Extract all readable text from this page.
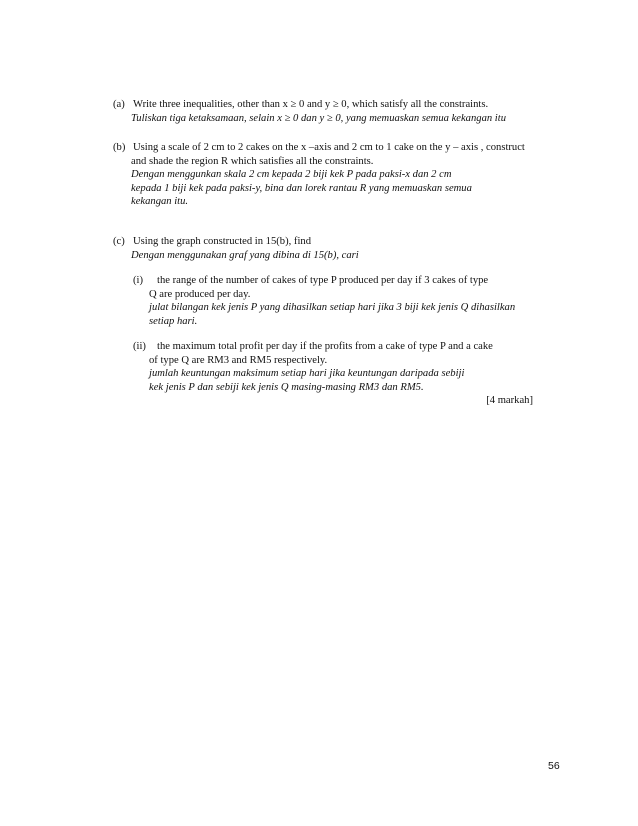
(a) Write three inequalities, other than x ≥ 0 and y ≥ 0, which satisfy all the constraints.
Tuliskan tiga ketaksamaan, selain x ≥ 0 dan y ≥ 0, yang memuaskan semua kekangan itu
(b) Using a scale of 2 cm to 2 cakes on the x –axis and 2 cm to 1 cake on the y – axis , construct
and shade the region R which satisfies all the constraints.
Dengan menggunkan skala 2 cm kepada 2 biji kek P pada paksi-x dan 2 cm
kepada 1 biji kek pada paksi-y, bina dan lorek rantau R yang memuaskan semua
kekangan itu.
(c) Using the graph constructed in 15(b), find
Dengan menggunakan graf yang dibina di 15(b), cari
(i) the range of the number of cakes of type P produced per day if 3 cakes of type
Q are produced per day.
julat bilangan kek jenis P yang dihasilkan setiap hari jika 3 biji kek jenis Q dihasilkan
setiap hari.
(ii) the maximum total profit per day if the profits from a cake of type P and a cake
of type Q are RM3 and RM5 respectively.
jumlah keuntungan maksimum setiap hari jika keuntungan daripada sebiji
kek jenis P dan sebiji kek jenis Q masing-masing RM3 dan RM5.
[4 markah]
56
